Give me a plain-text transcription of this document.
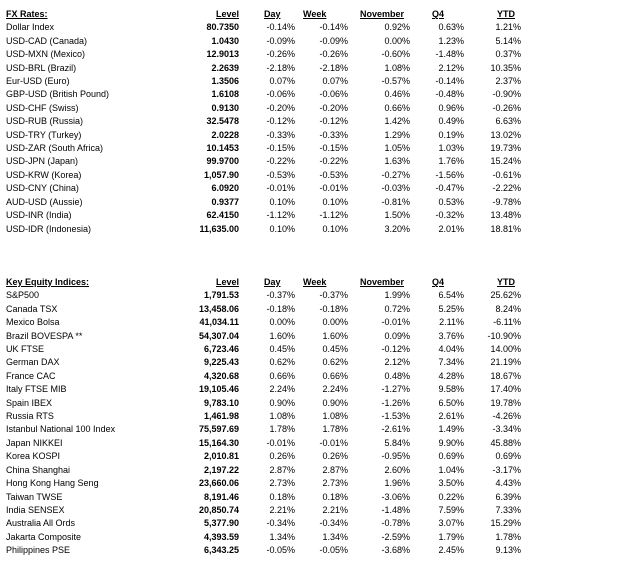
FX Rates:	Level	Day	Week	November	Q4	YTD
Dollar Index	80.7350	-0.14%	-0.14%	0.92%	0.63%	1.21%
USD-CAD (Canada)	1.0430	-0.09%	-0.09%	0.00%	1.23%	5.14%
USD-MXN (Mexico)	12.9013	-0.26%	-0.26%	-0.60%	-1.48%	0.37%
USD-BRL (Brazil)	2.2639	-2.18%	-2.18%	1.08%	2.12%	10.35%
Eur-USD (Euro)	1.3506	0.07%	0.07%	-0.57%	-0.14%	2.37%
GBP-USD (British Pound)	1.6108	-0.06%	-0.06%	0.46%	-0.48%	-0.90%
USD-CHF (Swiss)	0.9130	-0.20%	-0.20%	0.66%	0.96%	-0.26%
USD-RUB (Russia)	32.5478	-0.12%	-0.12%	1.42%	0.49%	6.63%
USD-TRY (Turkey)	2.0228	-0.33%	-0.33%	1.29%	0.19%	13.02%
USD-ZAR (South Africa)	10.1453	-0.15%	-0.15%	1.05%	1.03%	19.73%
USD-JPN (Japan)	99.9700	-0.22%	-0.22%	1.63%	1.76%	15.24%
USD-KRW (Korea)	1,057.90	-0.53%	-0.53%	-0.27%	-1.56%	-0.61%
USD-CNY (China)	6.0920	-0.01%	-0.01%	-0.03%	-0.47%	-2.22%
AUD-USD (Aussie)	0.9377	0.10%	0.10%	-0.81%	0.53%	-9.78%
USD-INR (India)	62.4150	-1.12%	-1.12%	1.50%	-0.32%	13.48%
USD-IDR (Indonesia)	11,635.00	0.10%	0.10%	3.20%	2.01%	18.81%
Key Equity Indices:	Level	Day	Week	November	Q4	YTD
S&P500	1,791.53	-0.37%	-0.37%	1.99%	6.54%	25.62%
Canada TSX	13,458.06	-0.18%	-0.18%	0.72%	5.25%	8.24%
Mexico Bolsa	41,034.11	0.00%	0.00%	-0.01%	2.11%	-6.11%
Brazil BOVESPA **	54,307.04	1.60%	1.60%	0.09%	3.76%	-10.90%
UK FTSE	6,723.46	0.45%	0.45%	-0.12%	4.04%	14.00%
German DAX	9,225.43	0.62%	0.62%	2.12%	7.34%	21.19%
France CAC	4,320.68	0.66%	0.66%	0.48%	4.28%	18.67%
Italy FTSE MIB	19,105.46	2.24%	2.24%	-1.27%	9.58%	17.40%
Spain IBEX	9,783.10	0.90%	0.90%	-1.26%	6.50%	19.78%
Russia RTS	1,461.98	1.08%	1.08%	-1.53%	2.61%	-4.26%
Istanbul National 100 Index	75,597.69	1.78%	1.78%	-2.61%	1.49%	-3.34%
Japan NIKKEI	15,164.30	-0.01%	-0.01%	5.84%	9.90%	45.88%
Korea KOSPI	2,010.81	0.26%	0.26%	-0.95%	0.69%	0.69%
China Shanghai	2,197.22	2.87%	2.87%	2.60%	1.04%	-3.17%
Hong Kong Hang Seng	23,660.06	2.73%	2.73%	1.96%	3.50%	4.43%
Taiwan TWSE	8,191.46	0.18%	0.18%	-3.06%	0.22%	6.39%
India SENSEX	20,850.74	2.21%	2.21%	-1.48%	7.59%	7.33%
Australia All Ords	5,377.90	-0.34%	-0.34%	-0.78%	3.07%	15.29%
Jakarta Composite	4,393.59	1.34%	1.34%	-2.59%	1.79%	1.78%
Philippines PSE	6,343.25	-0.05%	-0.05%	-3.68%	2.45%	9.13%
